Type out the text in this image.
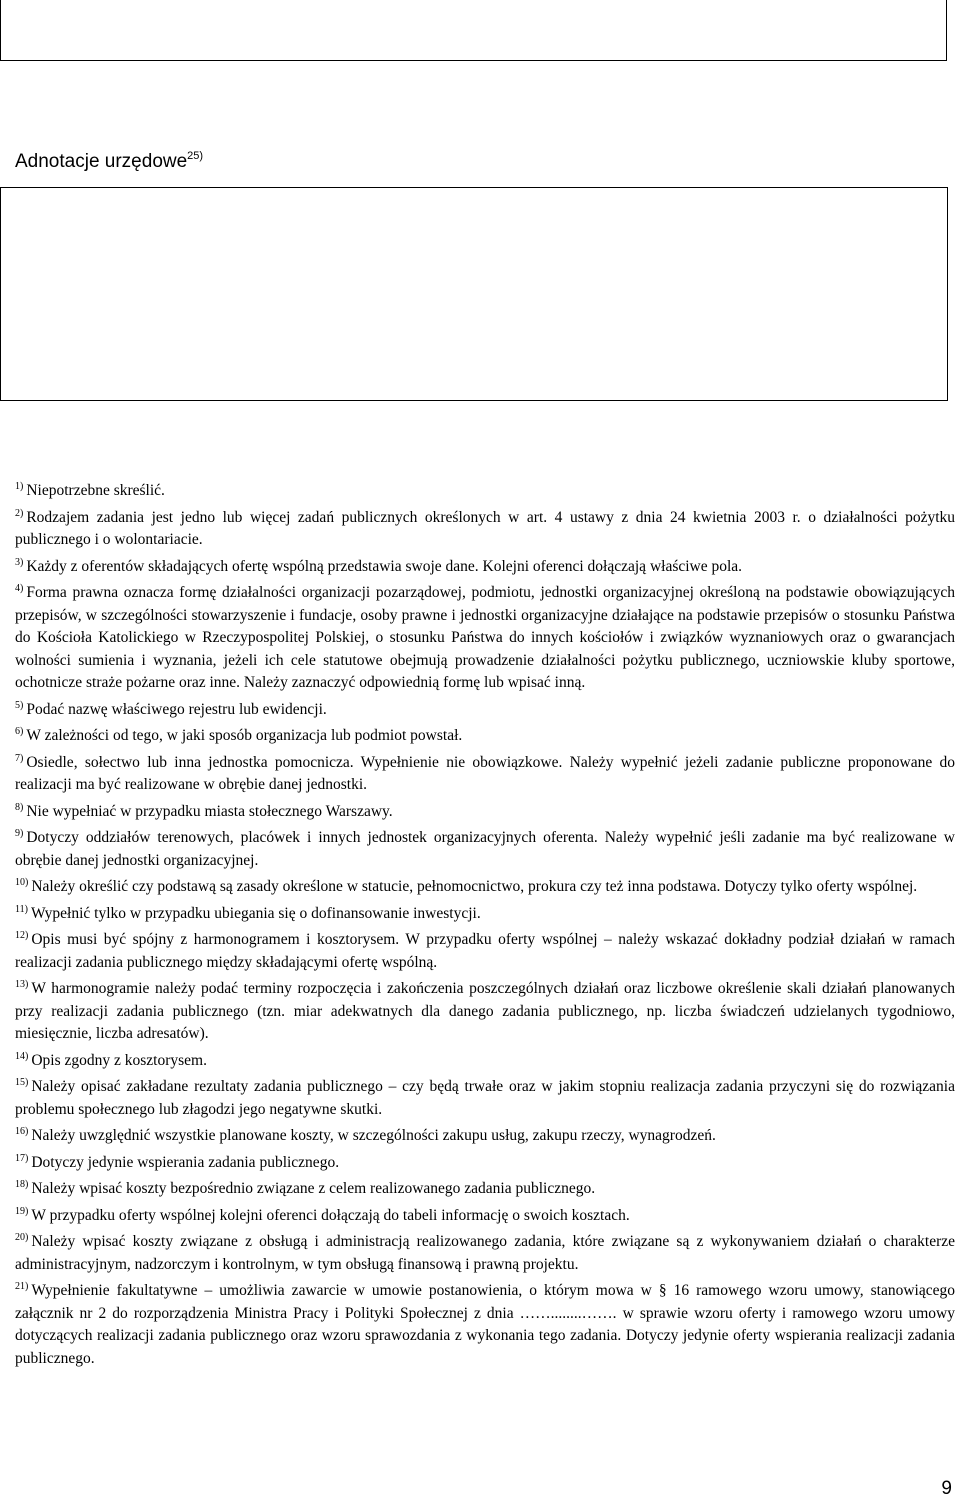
Adnotacje urzędowe$^{25)}$

$^{1)}$ Niepotrzebne skreślić.

$^{2)}$ Rodzajem zadania jest jedno lub więcej zadań publicznych określonych w art. 4 ustawy z dnia 24 kwietnia 2003 r. o działalności pożytku publicznego i o wolontariacie.

$^{3)}$ Każdy z oferentów składających ofertę wspólną przedstawia swoje dane. Kolejni oferenci dołączają właściwe pola.

$^{4)}$ Forma prawna oznacza formę działalności organizacji pozarządowej, podmiotu, jednostki organizacyjnej określoną na podstawie obowiązujących przepisów, w szczególności stowarzyszenie i fundacje, osoby prawne i jednostki organizacyjne działające na podstawie przepisów o stosunku Państwa do Kościoła Katolickiego w Rzeczypospolitej Polskiej, o stosunku Państwa do innych kościołów i związków wyznaniowych oraz o gwarancjach wolności sumienia i wyznania, jeżeli ich cele statutowe obejmują prowadzenie działalności pożytku publicznego, uczniowskie kluby sportowe, ochotnicze straże pożarne oraz inne. Należy zaznaczyć odpowiednią formę lub wpisać inną.

$^{5)}$ Podać nazwę właściwego rejestru lub ewidencji.

$^{6)}$ W zależności od tego, w jaki sposób organizacja lub podmiot powstał.

$^{7)}$ Osiedle, sołectwo lub inna jednostka pomocnicza. Wypełnienie nie obowiązkowe. Należy wypełnić jeżeli zadanie publiczne proponowane do realizacji ma być realizowane w obrębie danej jednostki.

$^{8)}$ Nie wypełniać w przypadku miasta stołecznego Warszawy.

$^{9)}$ Dotyczy oddziałów terenowych, placówek i innych jednostek organizacyjnych oferenta. Należy wypełnić jeśli zadanie ma być realizowane w obrębie danej jednostki organizacyjnej.

$^{10)}$ Należy określić czy podstawą są zasady określone w statucie, pełnomocnictwo, prokura czy też inna podstawa. Dotyczy tylko oferty wspólnej.

$^{11)}$ Wypełnić tylko w przypadku ubiegania się o dofinansowanie inwestycji.

$^{12)}$ Opis musi być spójny z harmonogramem i kosztorysem. W przypadku oferty wspólnej – należy wskazać dokładny podział działań w ramach realizacji zadania publicznego między składającymi ofertę wspólną.

$^{13)}$ W harmonogramie należy podać terminy rozpoczęcia i zakończenia poszczególnych działań oraz liczbowe określenie skali działań planowanych przy realizacji zadania publicznego (tzn. miar adekwatnych dla danego zadania publicznego, np. liczba świadczeń udzielanych tygodniowo, miesięcznie, liczba adresatów).

$^{14)}$ Opis zgodny z kosztorysem.

$^{15)}$ Należy opisać zakładane rezultaty zadania publicznego – czy będą trwałe oraz w jakim stopniu realizacja zadania przyczyni się do rozwiązania problemu społecznego lub złagodzi jego negatywne skutki.

$^{16)}$ Należy uwzględnić wszystkie planowane koszty, w szczególności zakupu usług, zakupu rzeczy, wynagrodzeń.

$^{17)}$ Dotyczy jedynie wspierania zadania publicznego.

$^{18)}$ Należy wpisać koszty bezpośrednio związane z celem realizowanego zadania publicznego.

$^{19)}$ W przypadku oferty wspólnej kolejni oferenci dołączają do tabeli informację o swoich kosztach.

$^{20)}$ Należy wpisać koszty związane z obsługą i administracją realizowanego zadania, które związane są z wykonywaniem działań o charakterze administracyjnym, nadzorczym i kontrolnym, w tym obsługą finansową i prawną projektu.

$^{21)}$ Wypełnienie fakultatywne – umożliwia zawarcie w umowie postanowienia, o którym mowa w § 16 ramowego wzoru umowy, stanowiącego załącznik nr 2 do rozporządzenia Ministra Pracy i Polityki Społecznej z dnia ……........……. w sprawie wzoru oferty i ramowego wzoru umowy dotyczących realizacji zadania publicznego oraz wzoru sprawozdania z wykonania tego zadania. Dotyczy jedynie oferty wspierania realizacji zadania publicznego.

9
